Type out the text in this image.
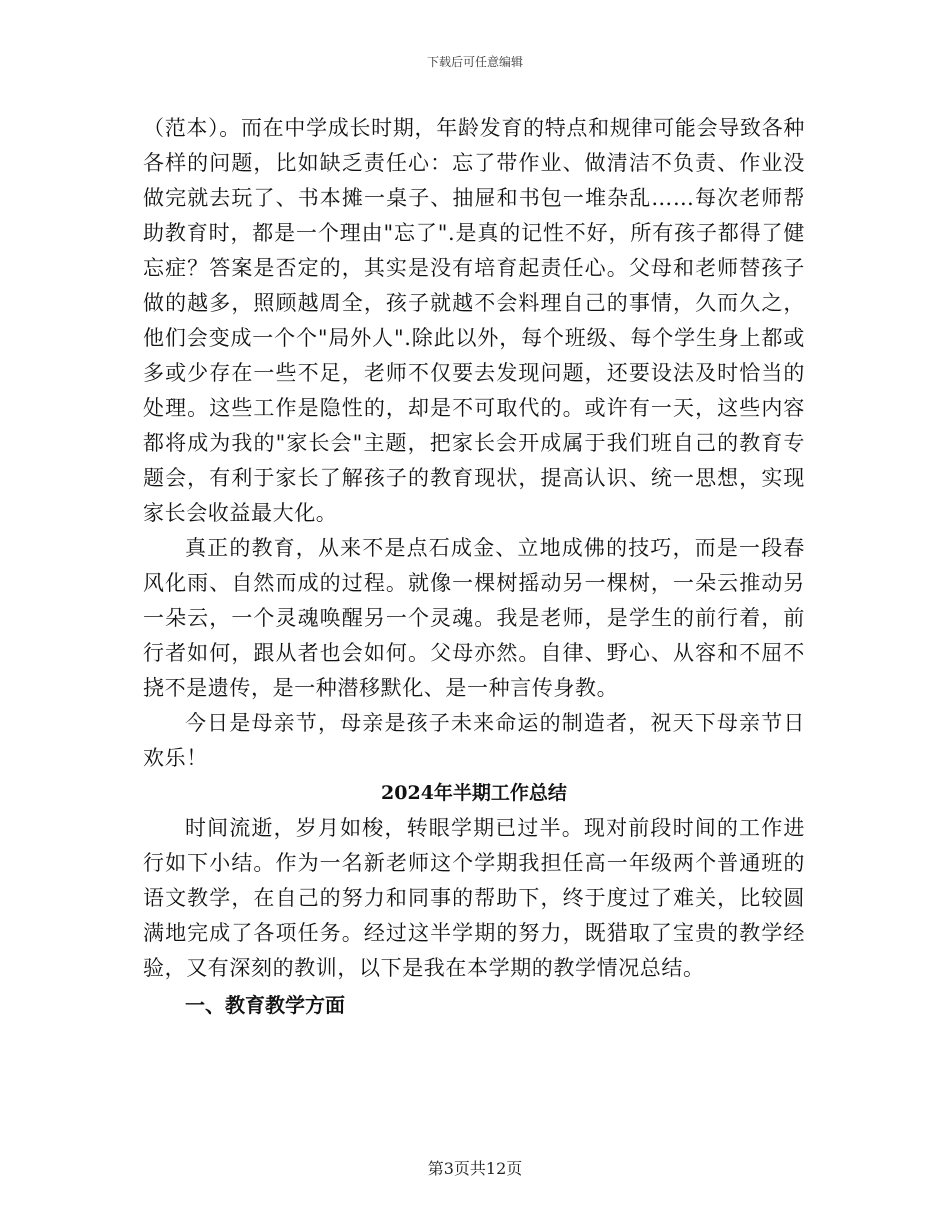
下载后可任意编辑

（范本）。而在中学成长时期，年龄发育的特点和规律可能会导致各种各样的问题，比如缺乏责任心：忘了带作业、做清洁不负责、作业没做完就去玩了、书本摊一桌子、抽屉和书包一堆杂乱……每次老师帮助教育时，都是一个理由"忘了".是真的记性不好，所有孩子都得了健忘症？答案是否定的，其实是没有培育起责任心。父母和老师替孩子做的越多，照顾越周全，孩子就越不会料理自己的事情，久而久之，他们会变成一个个"局外人".除此以外，每个班级、每个学生身上都或多或少存在一些不足，老师不仅要去发现问题，还要设法及时恰当的处理。这些工作是隐性的，却是不可取代的。或许有一天，这些内容都将成为我的"家长会"主题，把家长会开成属于我们班自己的教育专题会，有利于家长了解孩子的教育现状，提高认识、统一思想，实现家长会收益最大化。

真正的教育，从来不是点石成金、立地成佛的技巧，而是一段春风化雨、自然而成的过程。就像一棵树摇动另一棵树，一朵云推动另一朵云，一个灵魂唤醒另一个灵魂。我是老师，是学生的前行着，前行者如何，跟从者也会如何。父母亦然。自律、野心、从容和不屈不挠不是遗传，是一种潜移默化、是一种言传身教。

今日是母亲节，母亲是孩子未来命运的制造者，祝天下母亲节日欢乐！

2024年半期工作总结

时间流逝，岁月如梭，转眼学期已过半。现对前段时间的工作进行如下小结。作为一名新老师这个学期我担任高一年级两个普通班的语文教学，在自己的努力和同事的帮助下，终于度过了难关，比较圆满地完成了各项任务。经过这半学期的努力，既猎取了宝贵的教学经验，又有深刻的教训，以下是我在本学期的教学情况总结。

一、教育教学方面
第3页共12页
